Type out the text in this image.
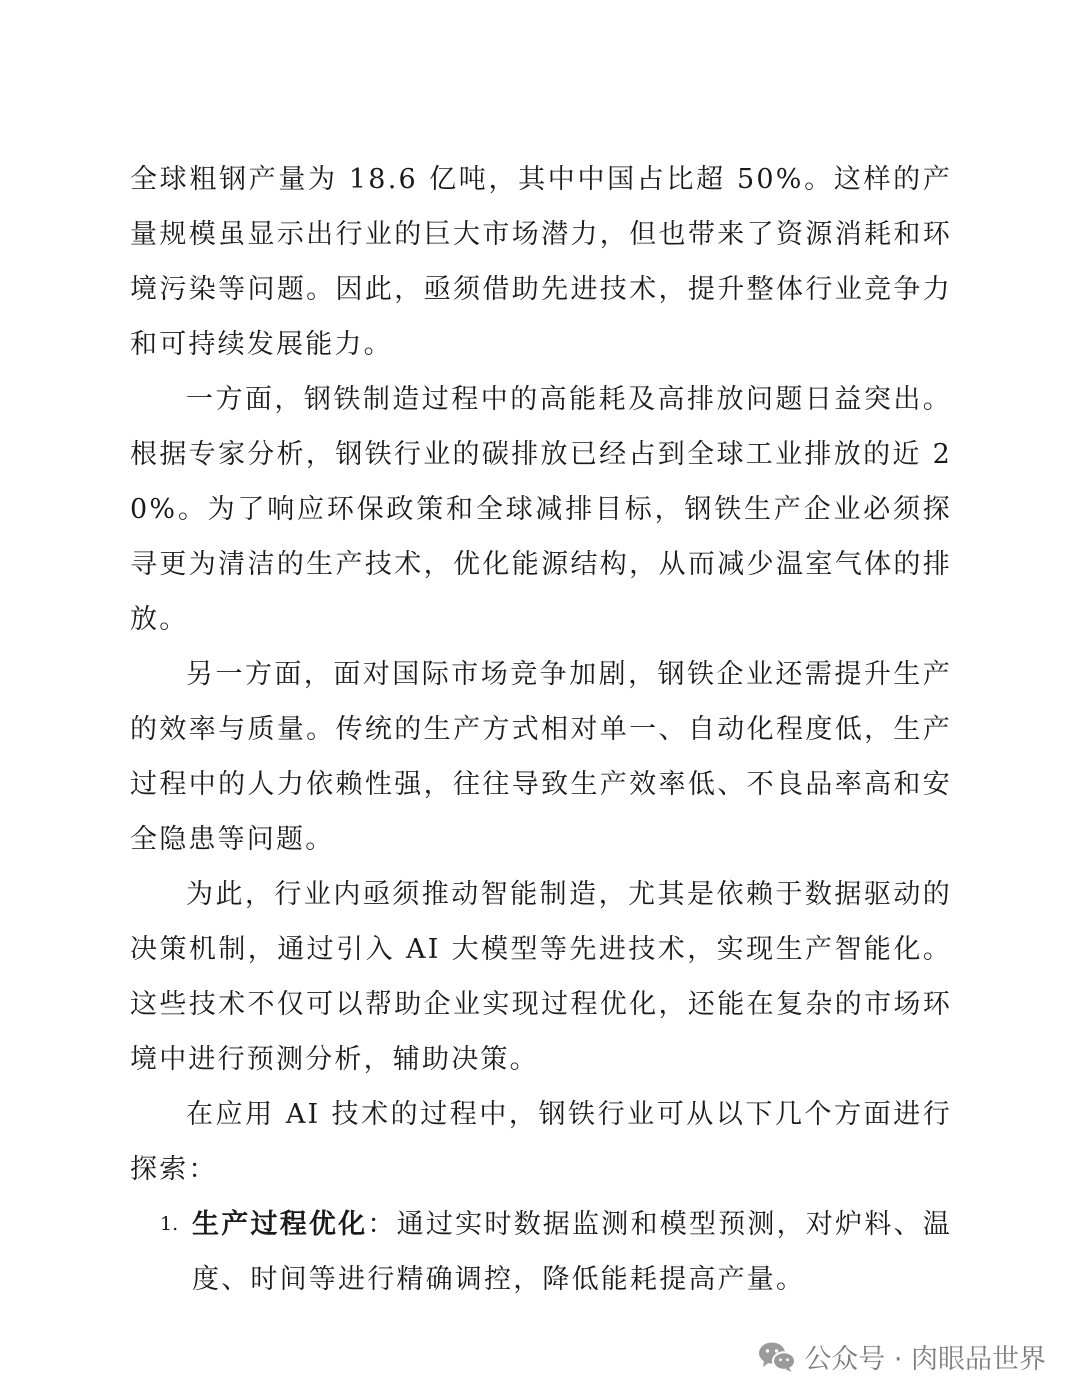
全球粗钢产量为 18.6 亿吨，其中中国占比超 50%。这样的产量规模虽显示出行业的巨大市场潜力，但也带来了资源消耗和环境污染等问题。因此，亟须借助先进技术，提升整体行业竞争力和可持续发展能力。

一方面，钢铁制造过程中的高能耗及高排放问题日益突出。根据专家分析，钢铁行业的碳排放已经占到全球工业排放的近 20%。为了响应环保政策和全球减排目标，钢铁生产企业必须探寻更为清洁的生产技术，优化能源结构，从而减少温室气体的排放。

另一方面，面对国际市场竞争加剧，钢铁企业还需提升生产的效率与质量。传统的生产方式相对单一、自动化程度低，生产过程中的人力依赖性强，往往导致生产效率低、不良品率高和安全隐患等问题。

为此，行业内亟须推动智能制造，尤其是依赖于数据驱动的决策机制，通过引入 AI 大模型等先进技术，实现生产智能化。这些技术不仅可以帮助企业实现过程优化，还能在复杂的市场环境中进行预测分析，辅助决策。

在应用 AI 技术的过程中，钢铁行业可从以下几个方面进行探索：

1. 生产过程优化：通过实时数据监测和模型预测，对炉料、温度、时间等进行精确调控，降低能耗提高产量。
公众号 · 肉眼品世界
